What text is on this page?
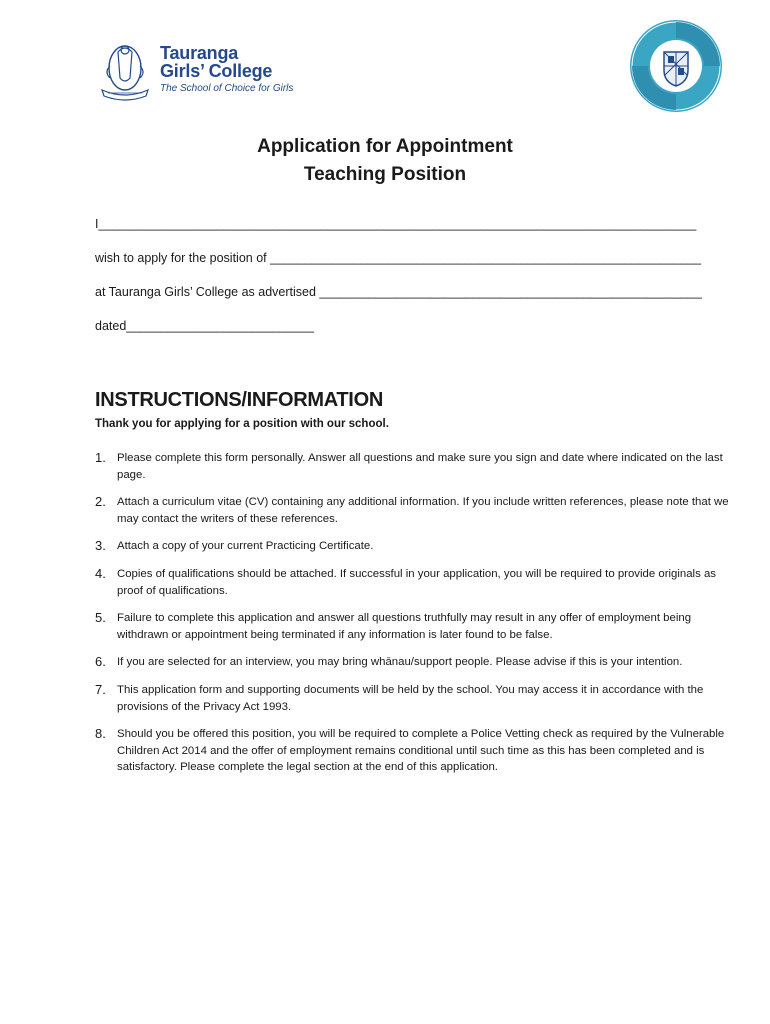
Tauranga
Girls’ College
The School of Choice for Girls
Application for Appointment
Teaching Position
I______________________________________________________________________________________
wish to apply for the position of ______________________________________________________________
at Tauranga Girls’ College as advertised _______________________________________________________
dated___________________________
INSTRUCTIONS/INFORMATION
Thank you for applying for a position with our school.
1. Please complete this form personally. Answer all questions and make sure you sign and date where indicated on the last page.
2. Attach a curriculum vitae (CV) containing any additional information. If you include written references, please note that we may contact the writers of these references.
3. Attach a copy of your current Practicing Certificate.
4. Copies of qualifications should be attached. If successful in your application, you will be required to provide originals as proof of qualifications.
5. Failure to complete this application and answer all questions truthfully may result in any offer of employment being withdrawn or appointment being terminated if any information is later found to be false.
6. If you are selected for an interview, you may bring whānau/support people. Please advise if this is your intention.
7. This application form and supporting documents will be held by the school. You may access it in accordance with the provisions of the Privacy Act 1993.
8. Should you be offered this position, you will be required to complete a Police Vetting check as required by the Vulnerable Children Act 2014 and the offer of employment remains conditional until such time as this has been completed and is satisfactory. Please complete the legal section at the end of this application.
